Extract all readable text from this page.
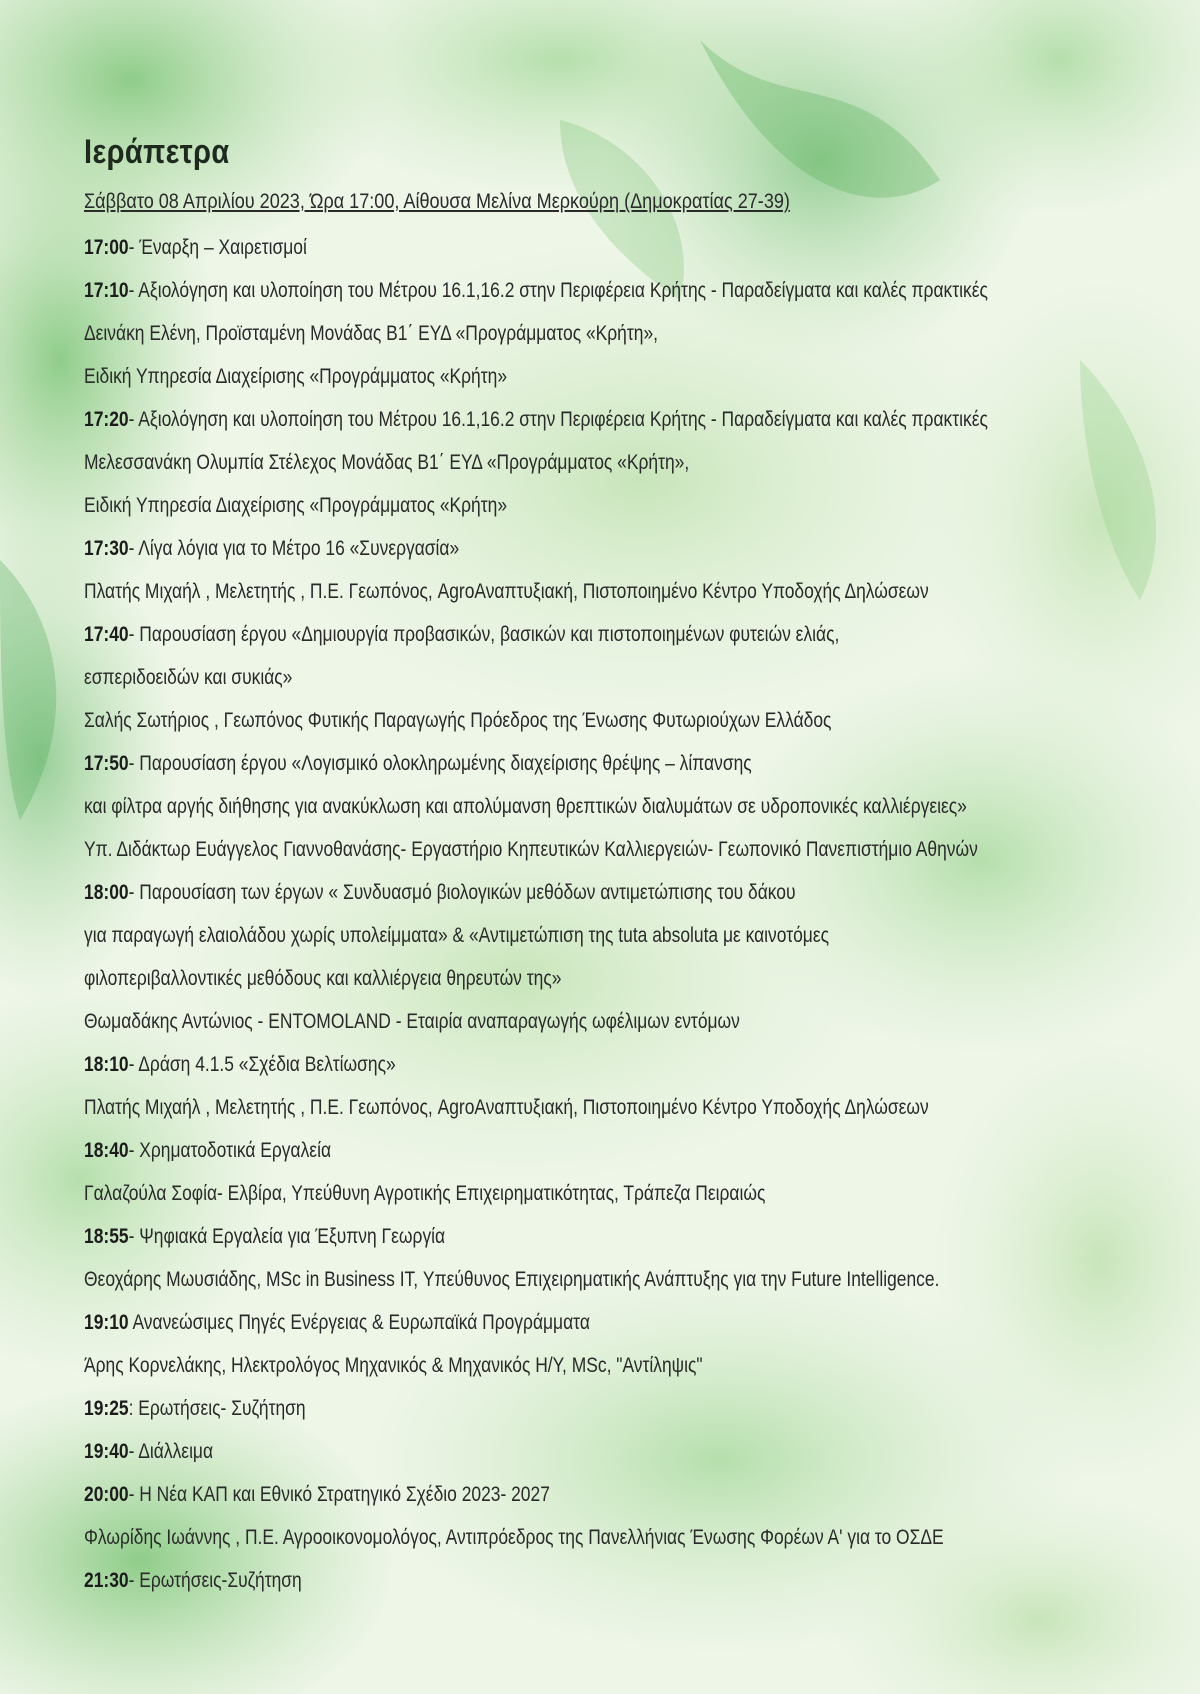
Ιεράπετρα
Σάββατο 08 Απριλίου 2023, Ώρα 17:00, Αίθουσα Μελίνα Μερκούρη (Δημοκρατίας 27-39)
17:00- Έναρξη – Χαιρετισμοί
17:10- Αξιολόγηση και υλοποίηση του Μέτρου 16.1,16.2 στην Περιφέρεια Κρήτης - Παραδείγματα και καλές πρακτικές
Δεινάκη Ελένη, Προϊσταμένη Μονάδας Β1΄ ΕΥΔ «Προγράμματος «Κρήτη»,
Ειδική Υπηρεσία Διαχείρισης «Προγράμματος «Κρήτη»
17:20- Αξιολόγηση και υλοποίηση του Μέτρου 16.1,16.2 στην Περιφέρεια Κρήτης - Παραδείγματα και καλές πρακτικές
Μελεσσανάκη Ολυμπία Στέλεχος Μονάδας Β1΄ ΕΥΔ «Προγράμματος «Κρήτη»,
Ειδική Υπηρεσία Διαχείρισης «Προγράμματος «Κρήτη»
17:30- Λίγα λόγια για το Μέτρο 16 «Συνεργασία»
Πλατής Μιχαήλ , Μελετητής , Π.Ε. Γεωπόνος, AgroΑναπτυξιακή, Πιστοποιημένο Κέντρο Υποδοχής Δηλώσεων
17:40- Παρουσίαση έργου «Δημιουργία προβασικών, βασικών και πιστοποιημένων φυτειών ελιάς,
εσπεριδοειδών και συκιάς»
Σαλής Σωτήριος , Γεωπόνος Φυτικής Παραγωγής Πρόεδρος της Ένωσης Φυτωριούχων Ελλάδος
17:50- Παρουσίαση έργου «Λογισμικό ολοκληρωμένης διαχείρισης θρέψης – λίπανσης
και φίλτρα αργής διήθησης για ανακύκλωση και απολύμανση θρεπτικών διαλυμάτων σε υδροπονικές καλλιέργειες»
Υπ. Διδάκτωρ Ευάγγελος Γιαννοθανάσης- Εργαστήριο Κηπευτικών Καλλιεργειών- Γεωπονικό Πανεπιστήμιο Αθηνών
18:00- Παρουσίαση των έργων « Συνδυασμό βιολογικών μεθόδων αντιμετώπισης του δάκου
για παραγωγή ελαιολάδου χωρίς υπολείμματα» & «Αντιμετώπιση της tuta absoluta με καινοτόμες
φιλοπεριβαλλοντικές μεθόδους και καλλιέργεια θηρευτών της»
Θωμαδάκης Αντώνιος - ENTOMOLAND - Εταιρία αναπαραγωγής ωφέλιμων εντόμων
18:10- Δράση 4.1.5 «Σχέδια Βελτίωσης»
Πλατής Μιχαήλ , Μελετητής , Π.Ε. Γεωπόνος, AgroΑναπτυξιακή, Πιστοποιημένο Κέντρο Υποδοχής Δηλώσεων
18:40- Χρηματοδοτικά Εργαλεία
Γαλαζούλα Σοφία- Ελβίρα, Υπεύθυνη Αγροτικής Επιχειρηματικότητας, Τράπεζα Πειραιώς
18:55- Ψηφιακά Εργαλεία για Έξυπνη Γεωργία
Θεοχάρης Μωυσιάδης, MSc in Business IT, Υπεύθυνος Επιχειρηματικής Ανάπτυξης για την Future Intelligence.
19:10 Ανανεώσιμες Πηγές Ενέργειας & Ευρωπαϊκά Προγράμματα
Άρης Κορνελάκης, Ηλεκτρολόγος Μηχανικός & Μηχανικός Η/Υ, MSc, "Αντίληψις"
19:25: Ερωτήσεις- Συζήτηση
19:40- Διάλλειμα
20:00- Η Νέα ΚΑΠ και Εθνικό Στρατηγικό Σχέδιο 2023- 2027
Φλωρίδης Ιωάννης , Π.Ε. Αγροοικονομολόγος, Αντιπρόεδρος της Πανελλήνιας Ένωσης Φορέων Α' για το ΟΣΔΕ
21:30- Ερωτήσεις-Συζήτηση
